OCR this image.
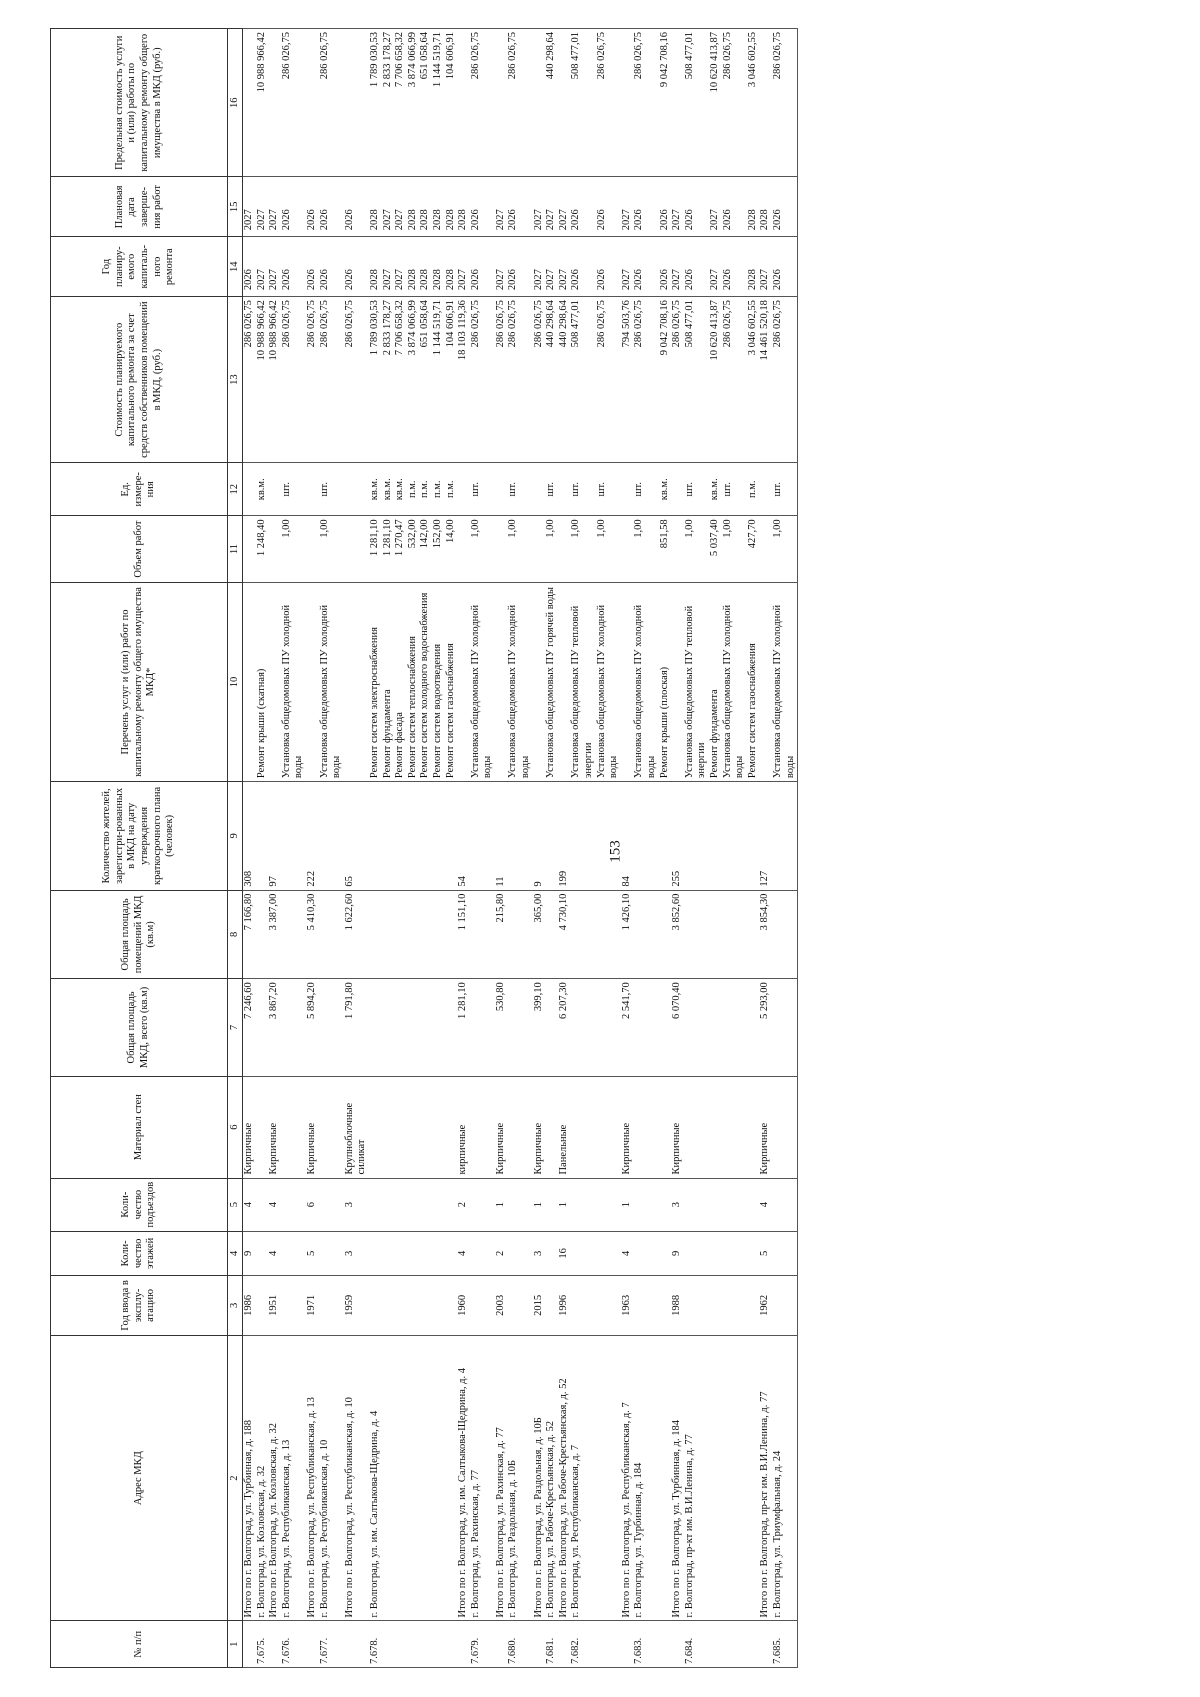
153
№ п/п	Адрес МКД	Год ввода в эксплу-атацию	Коли-чество этажей	Коли-чество подъездов	Материал стен	Общая площадь МКД, всего (кв.м)	Общая площадь помещений МКД (кв.м)	Количество жителей, зарегистри-рованных в МКД на дату утверждения краткосрочного плана (человек)	Перечень услуг и (или) работ по капитальному ремонту общего имущества МКД*	Объем работ	Ед. измере-ния	Стоимость планируемого капитального ремонта за счет средств собственников помещений в МКД, (руб.)	Год планиру-емого капиталь-ного ремонта	Плановая дата заверше-ния работ	Предельная стоимость услуги и (или) работы по капитальному ремонту общего имущества в МКД (руб.)
1	2	3	4	5	6	7	8	9	10	11	12	13	14	15	16
	Итого по г. Волгоград, ул. Турбинная, д. 188	1986	9	4	Кирпичные	7 246,60	7 166,80	308				286 026,75	2026	2027	
7.675.	г. Волгоград, ул. Козловская, д. 32								Ремонт крыши (скатная)	1 248,40	кв.м.	10 988 966,42	2027	2027	10 988 966,42
	Итого по г. Волгоград, ул. Козловская, д. 32	1951	4	4	Кирпичные	3 867,20	3 387,00	97				10 988 966,42	2027	2027	
7.676.	г. Волгоград, ул. Республиканская, д. 13								Установка общедомовых ПУ холодной воды	1,00	шт.	286 026,75	2026	2026	286 026,75
	Итого по г. Волгоград, ул. Республиканская, д. 13	1971	5	6	Кирпичные	5 894,20	5 410,30	222				286 026,75	2026	2026	
7.677.	г. Волгоград, ул. Республиканская, д. 10								Установка общедомовых ПУ холодной воды	1,00	шт.	286 026,75	2026	2026	286 026,75
	Итого по г. Волгоград, ул. Республиканская, д. 10	1959	3	3	Крупноблочные силикат	1 791,80	1 622,60	65				286 026,75	2026	2026	
7.678.	г. Волгоград, ул. им. Салтыкова-Щедрина, д. 4								Ремонт систем электроснабжения	1 281,10	кв.м.	1 789 030,53	2028	2028	1 789 030,53
									Ремонт фундамента	1 281,10	кв.м.	2 833 178,27	2027	2027	2 833 178,27
									Ремонт фасада	1 270,47	кв.м.	7 706 658,32	2027	2027	7 706 658,32
									Ремонт систем теплоснабжения	532,00	п.м.	3 874 066,99	2028	2028	3 874 066,99
									Ремонт систем холодного водоснабжения	142,00	п.м.	651 058,64	2028	2028	651 058,64
									Ремонт систем водоотведения	152,00	п.м.	1 144 519,71	2028	2028	1 144 519,71
									Ремонт систем газоснабжения	14,00	п.м.	104 606,91	2028	2028	104 606,91
	Итого по г. Волгоград, ул. им. Салтыкова-Щедрина, д. 4	1960	4	2	кирпичные	1 281,10	1 151,10	54				18 103 119,36	2027	2028	
7.679.	г. Волгоград, ул. Рахинская, д. 77								Установка общедомовых ПУ холодной воды	1,00	шт.	286 026,75	2026	2026	286 026,75
	Итого по г. Волгоград, ул. Рахинская, д. 77	2003	2	1	Кирпичные	530,80	215,80	11				286 026,75	2027	2027	
7.680.	г. Волгоград, ул. Раздольная, д. 10Б								Установка общедомовых ПУ холодной воды	1,00	шт.	286 026,75	2026	2026	286 026,75
	Итого по г. Волгоград, ул. Раздольная, д. 10Б	2015	3	1	Кирпичные	399,10	365,00	9				286 026,75	2027	2027	
7.681.	г. Волгоград, ул. Рабоче-Крестьянская, д. 52								Установка общедомовых ПУ горячей воды	1,00	шт.	440 298,64	2027	2027	440 298,64
	Итого по г. Волгоград, ул. Рабоче-Крестьянская, д. 52	1996	16	1	Панельные	6 207,30	4 730,10	199				440 298,64	2027	2027	
7.682.	г. Волгоград, ул. Республиканская, д. 7								Установка общедомовых ПУ тепловой энергии	1,00	шт.	508 477,01	2026	2026	508 477,01
									Установка общедомовых ПУ холодной воды	1,00	шт.	286 026,75	2026	2026	286 026,75
	Итого по г. Волгоград, ул. Республиканская, д. 7	1963	4	1	Кирпичные	2 541,70	1 426,10	84				794 503,76	2027	2027	
7.683.	г. Волгоград, ул. Турбинная, д. 184								Установка общедомовых ПУ холодной воды	1,00	шт.	286 026,75	2026	2026	286 026,75
									Ремонт крыши (плоская)	851,58	кв.м.	9 042 708,16	2026	2026	9 042 708,16
	Итого по г. Волгоград, ул. Турбинная, д. 184	1988	9	3	Кирпичные	6 070,40	3 852,60	255				286 026,75	2027	2027	
7.684.	г. Волгоград, пр-кт им. В.И.Ленина, д. 77								Установка общедомовых ПУ тепловой энергии	1,00	шт.	508 477,01	2026	2026	508 477,01
									Ремонт фундамента	5 037,40	кв.м.	10 620 413,87	2027	2027	10 620 413,87
									Установка общедомовых ПУ холодной воды	1,00	шт.	286 026,75	2026	2026	286 026,75
									Ремонт систем газоснабжения	427,70	п.м.	3 046 602,55	2028	2028	3 046 602,55
	Итого по г. Волгоград, пр-кт им. В.И.Ленина, д. 77	1962	5	4	Кирпичные	5 293,00	3 854,30	127				14 461 520,18	2027	2028	
7.685.	г. Волгоград, ул. Триумфальная, д. 24								Установка общедомовых ПУ холодной воды	1,00	шт.	286 026,75	2026	2026	286 026,75
